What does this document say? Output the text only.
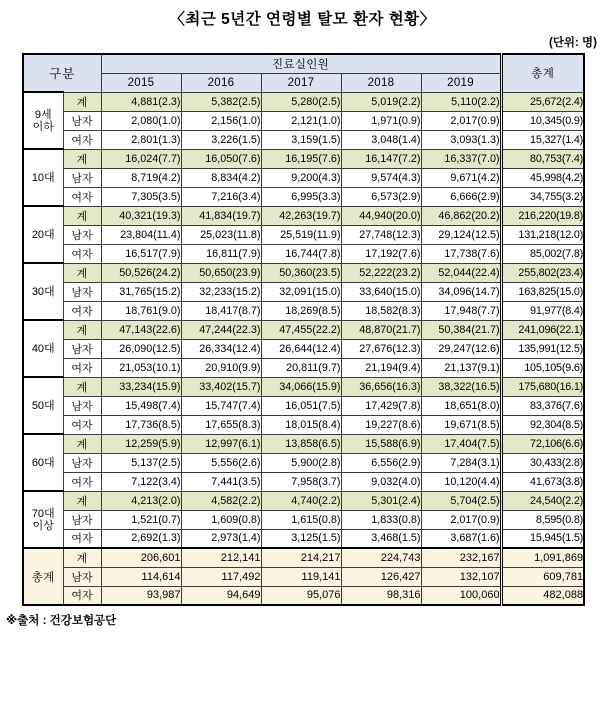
〈최근 5년간 연령별 탈모 환자 현황〉
(단위: 명)
구분		진료실인원					총계
		2015	2016	2017	2018	2019	
9세
이하	계	4,881(2.3)	5,382(2.5)	5,280(2.5)	5,019(2.2)	5,110(2.2)	25,672(2.4)
	남자	2,080(1.0)	2,156(1.0)	2,121(1.0)	1,971(0.9)	2,017(0.9)	10,345(0.9)
	여자	2,801(1.3)	3,226(1.5)	3,159(1.5)	3,048(1.4)	3,093(1.3)	15,327(1.4)
10대	계	16,024(7.7)	16,050(7.6)	16,195(7.6)	16,147(7.2)	16,337(7.0)	80,753(7.4)
	남자	8,719(4.2)	8,834(4.2)	9,200(4.3)	9,574(4.3)	9,671(4.2)	45,998(4.2)
	여자	7,305(3.5)	7,216(3.4)	6,995(3.3)	6,573(2.9)	6,666(2.9)	34,755(3.2)
20대	계	40,321(19.3)	41,834(19.7)	42,263(19.7)	44,940(20.0)	46,862(20.2)	216,220(19.8)
	남자	23,804(11.4)	25,023(11.8)	25,519(11.9)	27,748(12.3)	29,124(12.5)	131,218(12.0)
	여자	16,517(7.9)	16,811(7.9)	16,744(7.8)	17,192(7.6)	17,738(7.6)	85,002(7.8)
30대	계	50,526(24.2)	50,650(23.9)	50,360(23.5)	52,222(23.2)	52,044(22.4)	255,802(23.4)
	남자	31,765(15.2)	32,233(15.2)	32,091(15.0)	33,640(15.0)	34,096(14.7)	163,825(15.0)
	여자	18,761(9.0)	18,417(8.7)	18,269(8.5)	18,582(8.3)	17,948(7.7)	91,977(8.4)
40대	계	47,143(22.6)	47,244(22.3)	47,455(22.2)	48,870(21.7)	50,384(21.7)	241,096(22.1)
	남자	26,090(12.5)	26,334(12.4)	26,644(12.4)	27,676(12.3)	29,247(12.6)	135,991(12.5)
	여자	21,053(10.1)	20,910(9.9)	20,811(9.7)	21,194(9.4)	21,137(9.1)	105,105(9.6)
50대	계	33,234(15.9)	33,402(15.7)	34,066(15.9)	36,656(16.3)	38,322(16.5)	175,680(16.1)
	남자	15,498(7.4)	15,747(7.4)	16,051(7.5)	17,429(7.8)	18,651(8.0)	83,376(7.6)
	여자	17,736(8.5)	17,655(8.3)	18,015(8.4)	19,227(8.6)	19,671(8.5)	92,304(8.5)
60대	계	12,259(5.9)	12,997(6.1)	13,858(6.5)	15,588(6.9)	17,404(7.5)	72,106(6.6)
	남자	5,137(2.5)	5,556(2.6)	5,900(2.8)	6,556(2.9)	7,284(3.1)	30,433(2.8)
	여자	7,122(3.4)	7,441(3.5)	7,958(3.7)	9,032(4.0)	10,120(4.4)	41,673(3.8)
70대
이상	계	4,213(2.0)	4,582(2.2)	4,740(2.2)	5,301(2.4)	5,704(2.5)	24,540(2.2)
	남자	1,521(0.7)	1,609(0.8)	1,615(0.8)	1,833(0.8)	2,017(0.9)	8,595(0.8)
	여자	2,692(1.3)	2,973(1.4)	3,125(1.5)	3,468(1.5)	3,687(1.6)	15,945(1.5)
총계	계	206,601	212,141	214,217	224,743	232,167	1,091,869
	남자	114,614	117,492	119,141	126,427	132,107	609,781
	여자	93,987	94,649	95,076	98,316	100,060	482,088
※출처 : 건강보험공단
